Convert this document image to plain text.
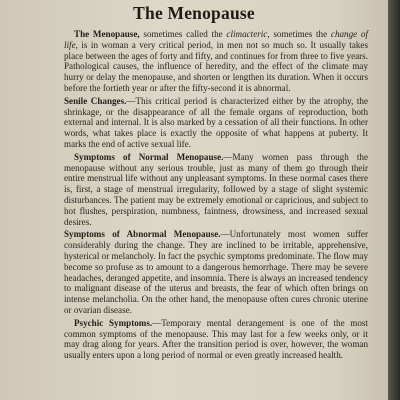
The Menopause

The Menopause, sometimes called the climacteric, sometimes the change of life, is in woman a very critical period, in men not so much so. It usually takes place between the ages of forty and fifty, and continues for from three to five years. Pathological causes, the influence of heredity, and the effect of the climate may hurry or delay the menopause, and shorten or lengthen its duration. When it occurs before the fortieth year or after the fifty-second it is abnormal.

Senile Changes.—This critical period is characterized either by the atrophy, the shrinkage, or the disappearance of all the female organs of reproduction, both external and internal. It is also marked by a cessation of all their functions. In other words, what takes place is exactly the opposite of what happens at puberty. It marks the end of active sexual life.

Symptoms of Normal Menopause.—Many women pass through the menopause without any serious trouble, just as many of them go through their entire menstrual life without any unpleasant symptoms. In these normal cases there is, first, a stage of menstrual irregularity, followed by a stage of slight systemic disturbances. The patient may be extremely emotional or capricious, and subject to hot flushes, perspiration, numbness, faintness, drowsiness, and increased sexual desires.

Symptoms of Abnormal Menopause.—Unfortunately most women suffer considerably during the change. They are inclined to be irritable, apprehensive, hysterical or melancholy. In fact the psychic symptoms predominate. The flow may become so profuse as to amount to a dangerous hemorrhage. There may be severe headaches, deranged appetite, and insomnia. There is always an increased tendency to malignant disease of the uterus and breasts, the fear of which often brings on intense melancholia. On the other hand, the menopause often cures chronic uterine or ovarian disease.

Psychic Symptoms.—Temporary mental derangement is one of the most common symptoms of the menopause. This may last for a few weeks only, or it may drag along for years. After the transition period is over, however, the woman usually enters upon a long period of normal or even greatly increased health.
